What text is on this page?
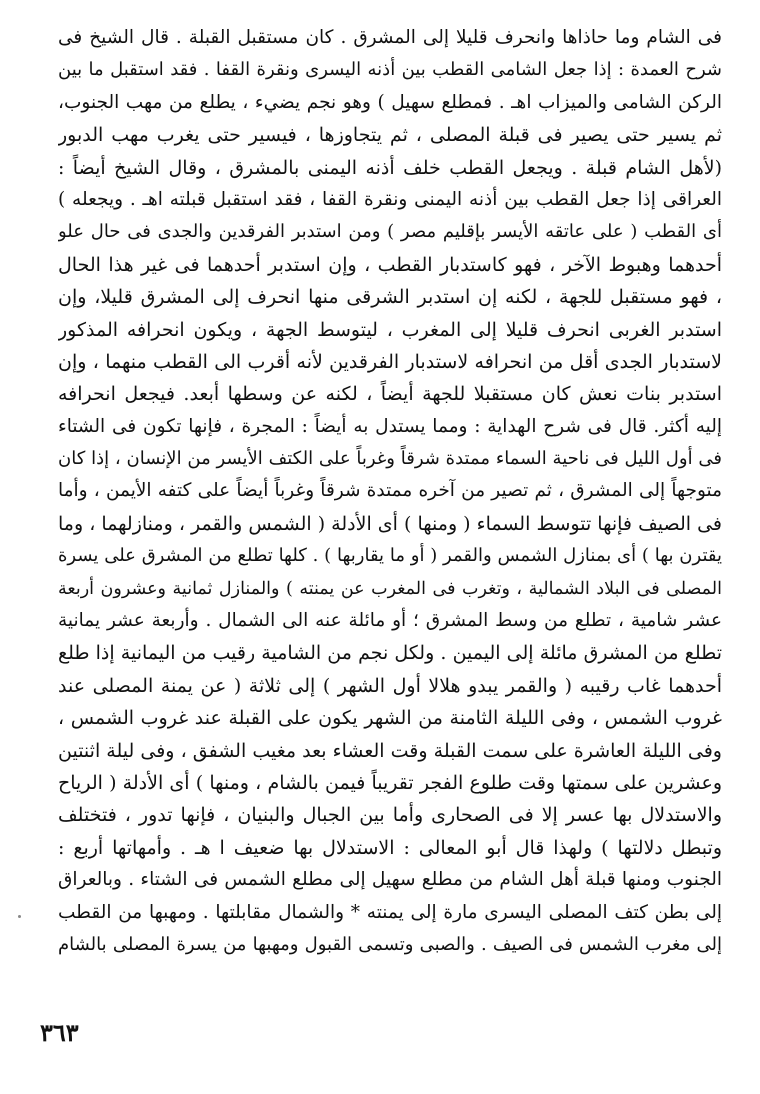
فى الشام وما حاذاها وانحرف قليلا إلى المشرق . كان مستقبل القبلة . قال الشيخ فى
شرح العمدة : إذا جعل الشامى القطب بين أذنه اليسرى ونقرة القفا . فقد استقبل ما بين
الركن الشامى والميزاب اهـ . فمطلع سهيل ) وهو نجم يضيء ، يطلع من مهب الجنوب،
ثم يسير حتى يصير فى قبلة المصلى ، ثم يتجاوزها ، فيسير حتى يغرب مهب الدبور
(لأهل الشام قبلة . ويجعل القطب خلف أذنه اليمنى بالمشرق ، وقال الشيخ أيضاً :
العراقى إذا جعل القطب بين أذنه اليمنى ونقرة القفا ، فقد استقبل قبلته اهـ . ويجعله )
أى القطب ( على عاتقه الأيسر بإقليم مصر ) ومن استدبر الفرقدين والجدى فى حال علو
أحدهما وهبوط الآخر ، فهو كاستدبار القطب ، وإن استدبر أحدهما فى غير هذا الحال
، فهو مستقبل للجهة ، لكنه إن استدبر الشرقى منها انحرف إلى المشرق قليلا، وإن
استدبر الغربى انحرف قليلا إلى المغرب ، ليتوسط الجهة ، ويكون انحرافه المذكور
لاستدبار الجدى أقل من انحرافه لاستدبار الفرقدين لأنه أقرب الى القطب منهما ، وإن
استدبر بنات نعش كان مستقبلا للجهة أيضاً ، لكنه عن وسطها أبعد. فيجعل انحرافه
إليه أكثر. قال فى شرح الهداية : ومما يستدل به أيضاً : المجرة ، فإنها تكون فى الشتاء
فى أول الليل فى ناحية السماء ممتدة شرقاً وغرباً على الكتف الأيسر من الإنسان ، إذا كان
متوجهاً إلى المشرق ، ثم تصير من آخره ممتدة شرقاً وغرباً أيضاً على كتفه الأيمن ، وأما
فى الصيف فإنها تتوسط السماء ( ومنها ) أى الأدلة ( الشمس والقمر ، ومنازلهما ، وما
يقترن بها ) أى بمنازل الشمس والقمر ( أو ما يقاربها ) . كلها تطلع من المشرق على يسرة
المصلى فى البلاد الشمالية ، وتغرب فى المغرب عن يمنته ) والمنازل ثمانية وعشرون أربعة
عشر شامية ، تطلع من وسط المشرق ؛ أو مائلة عنه الى الشمال . وأربعة عشر يمانية
تطلع من المشرق مائلة إلى اليمين . ولكل نجم من الشامية رقيب من اليمانية إذا طلع
أحدهما غاب رقيبه ( والقمر يبدو هلالا أول الشهر ) إلى ثلاثة ( عن يمنة المصلى عند
غروب الشمس ، وفى الليلة الثامنة من الشهر يكون على القبلة عند غروب الشمس ،
وفى الليلة العاشرة على سمت القبلة وقت العشاء بعد مغيب الشفق ، وفى ليلة اثنتين
وعشرين على سمتها وقت طلوع الفجر تقريباً فيمن بالشام ، ومنها ) أى الأدلة ( الرياح
والاستدلال بها عسر إلا فى الصحارى وأما بين الجبال والبنيان ، فإنها تدور ، فتختلف
وتبطل دلالتها ) ولهذا قال أبو المعالى : الاستدلال بها ضعيف ا هـ . وأمهاتها أربع :
الجنوب ومنها قبلة أهل الشام من مطلع سهيل إلى مطلع الشمس فى الشتاء . وبالعراق
إلى بطن كتف المصلى اليسرى مارة إلى يمنته * والشمال مقابلتها . ومهبها من القطب
إلى مغرب الشمس فى الصيف . والصبى وتسمى القبول ومهبها من يسرة المصلى بالشام
٣٦٣
